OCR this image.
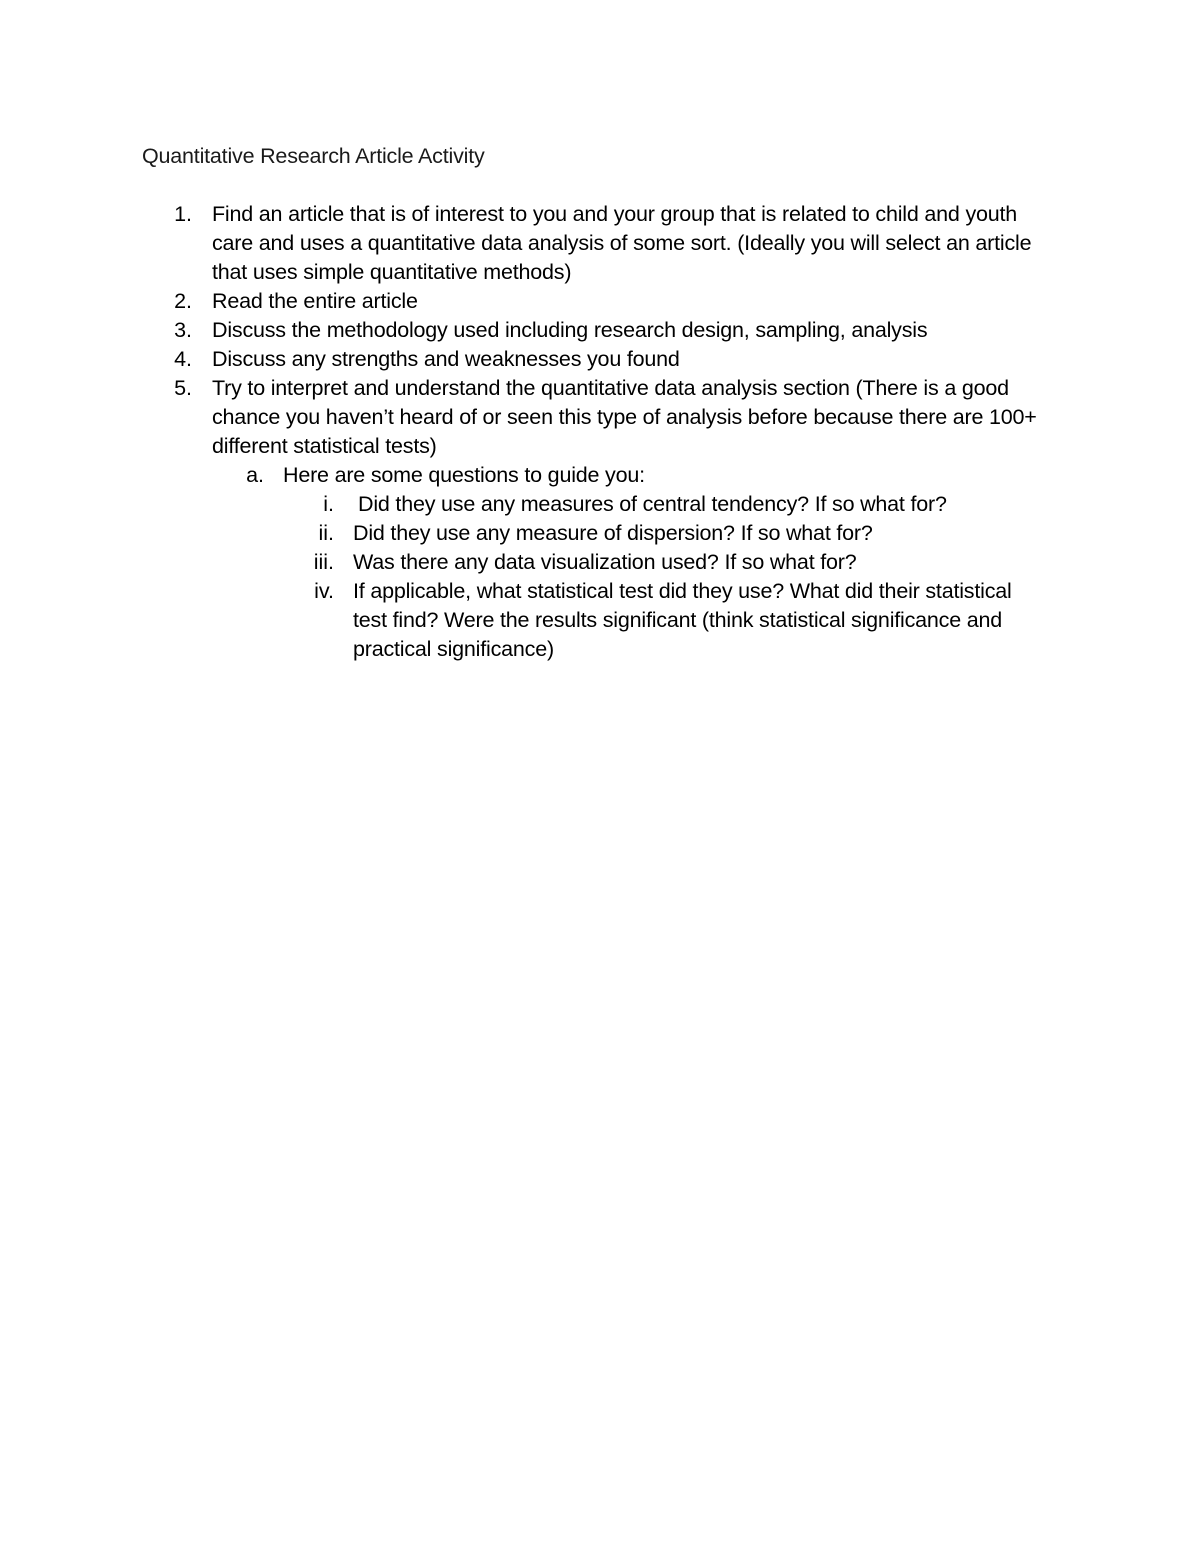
Quantitative Research Article Activity
1. Find an article that is of interest to you and your group that is related to child and youth
care and uses a quantitative data analysis of some sort. (Ideally you will select an article
that uses simple quantitative methods)
2. Read the entire article
3. Discuss the methodology used including research design, sampling, analysis
4. Discuss any strengths and weaknesses you found
5. Try to interpret and understand the quantitative data analysis section (There is a good
chance you haven’t heard of or seen this type of analysis before because there are 100+
different statistical tests)
a. Here are some questions to guide you:
i. Did they use any measures of central tendency? If so what for?
ii. Did they use any measure of dispersion? If so what for?
iii. Was there any data visualization used? If so what for?
iv. If applicable, what statistical test did they use? What did their statistical
test find? Were the results significant (think statistical significance and
practical significance)
